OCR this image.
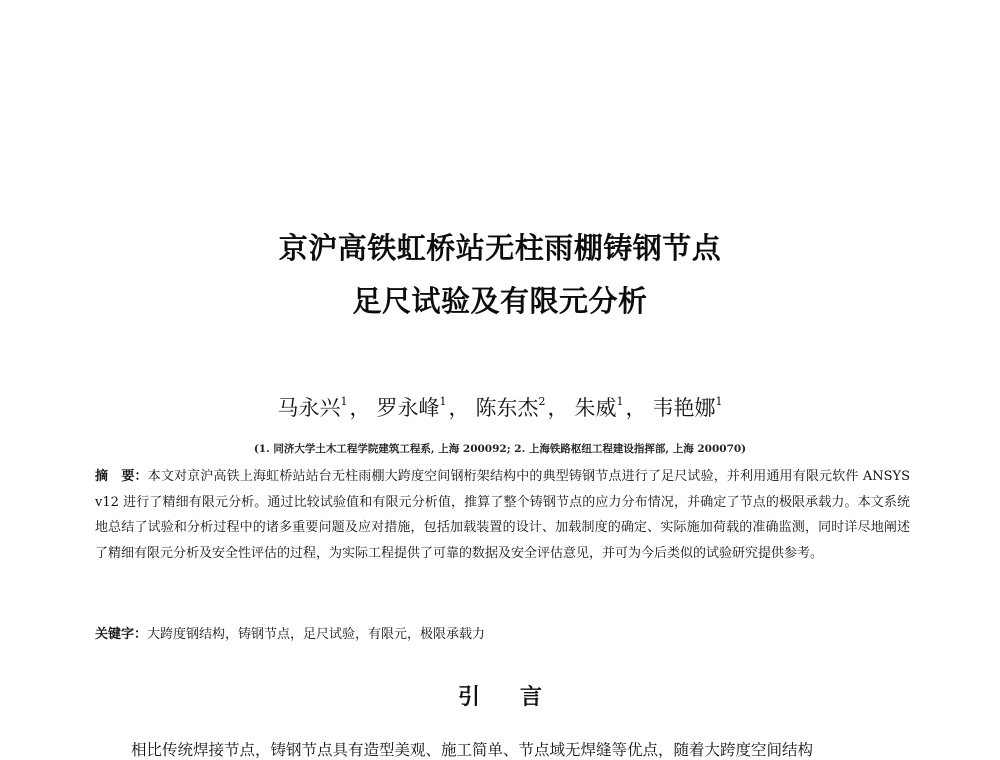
京沪高铁虹桥站无柱雨棚铸钢节点
足尺试验及有限元分析
马永兴$^1$， 罗永峰$^1$， 陈东杰$^2$， 朱威$^1$， 韦艳娜$^1$
(1. 同济大学土木工程学院建筑工程系, 上海 200092; 2. 上海铁路枢纽工程建设指挥部, 上海 200070)

摘　要：本文对京沪高铁上海虹桥站站台无柱雨棚大跨度空间钢桁架结构中的典型铸钢节点进行了足尺试验，并利用通用有限元软件 ANSYS v12 进行了精细有限元分析。通过比较试验值和有限元分析值，推算了整个铸钢节点的应力分布情况，并确定了节点的极限承载力。本文系统地总结了试验和分析过程中的诸多重要问题及应对措施，包括加载装置的设计、加载制度的确定、实际施加荷载的准确监测，同时详尽地阐述了精细有限元分析及安全性评估的过程，为实际工程提供了可靠的数据及安全评估意见，并可为今后类似的试验研究提供参考。

关键字：大跨度钢结构，铸钢节点，足尺试验，有限元，极限承载力

引言

相比传统焊接节点，铸钢节点具有造型美观、施工简单、节点域无焊缝等优点，随着大跨度空间结构
